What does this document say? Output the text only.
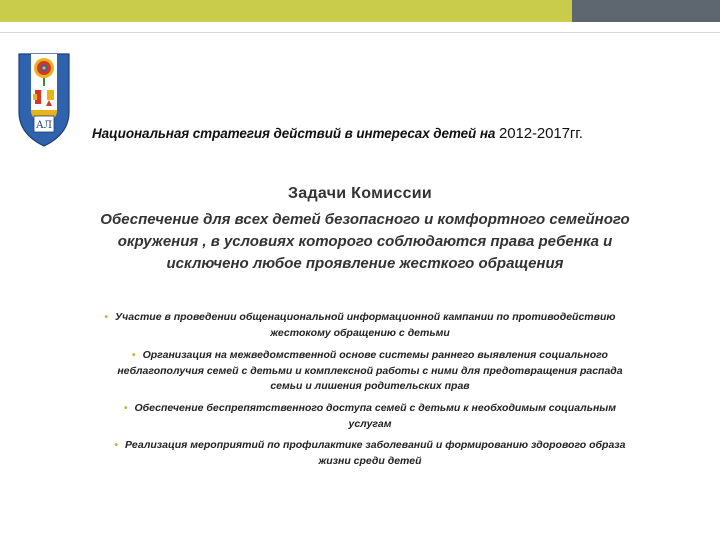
АЛ
Национальная стратегия действий в интересах детей на 2012-2017гг.
Задачи Комиссии
Обеспечение для всех детей безопасного и комфортного семейного
окружения , в условиях которого соблюдаются права ребенка и
исключено любое проявление жесткого обращения
• Участие в проведении общенациональной информационной кампании по противодействию
жестокому обращению с детьми
• Организация на межведомственной основе системы раннего выявления социального
неблагополучия семей с детьми и комплексной работы с ними для предотвращения распада
семьи и лишения родительских прав
• Обеспечение беспрепятственного доступа семей с детьми к необходимым социальным
услугам
• Реализация мероприятий по профилактике заболеваний и формированию здорового образа
жизни среди детей
